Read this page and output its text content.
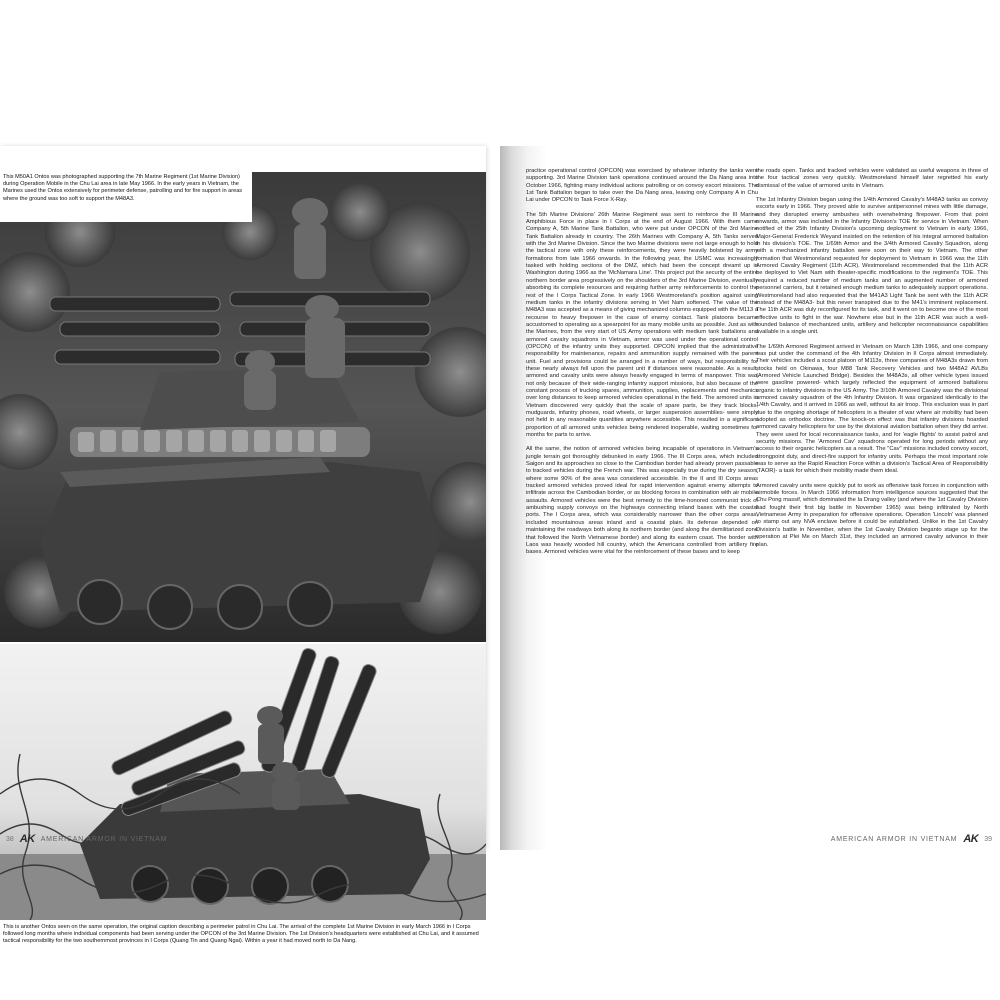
This M50A1 Ontos was photographed supporting the 7th Marine Regiment (1st Marine Division) during Operation Mobile in the Chu Lai area in late May 1966. In the early years in Vietnam, the Marines used the Ontos extensively for perimeter defense, patrolling and for fire support in areas where the ground was too soft to support the M48A3.
This is another Ontos seen on the same operation, the original caption describing a perimeter patrol in Chu Lai. The arrival of the complete 1st Marine Division in early March 1966 in I Corps followed long months where individual components had been serving under the OPCON of the 3rd Marine Division. The 1st Division's headquarters were established at Chu Lai, and it assumed tactical responsibility for the two southernmost provinces in I Corps (Quang Tin and Quang Ngai). Within a year it had moved north to Da Nang.

practice operational control (OPCON) was exercised by whatever infantry the tanks were supporting. 3rd Marine Division tank operations continued around the Da Nang area into October 1966, fighting many individual actions patrolling or on convoy escort missions. The 1st Tank Battalion began to take over the Da Nang area, leaving only Company A in Chu Lai under OPCON to Task Force X-Ray.

The 5th Marine Divisions' 26th Marine Regiment was sent to reinforce the III Marine Amphibious Force in place in I Corps at the end of August 1966. With them came Company A, 5th Marine Tank Battalion, who were put under OPCON of the 3rd Marine Tank Battalion already in country. The 26th Marines with Company A, 5th Tanks served with the 3rd Marine Division. Since the two Marine divisions were not large enough to hold the tactical zone with only these reinforcements, they were heavily bolstered by army formations from late 1966 onwards. In the following year, the USMC was increasingly tasked with holding sections of the DMZ, which had been the concept dreamt up in Washington during 1966 as the 'McNamara Line'. This project put the security of the entire northern border area progressively on the shoulders of the 3rd Marine Division, eventually absorbing its complete resources and requiring further army reinforcements to control the rest of the I Corps Tactical Zone. In early 1966 Westmoreland's position against using medium tanks in the infantry divisions serving in Viet Nam softened. The value of the M48A3 was accepted as a means of giving mechanized columns equipped with the M113 a recourse to heavy firepower in the case of enemy contact. Tank platoons became accustomed to operating as a spearpoint for as many mobile units as possible. Just as with the Marines, from the very start of US Army operations with medium tank battalions and armored cavalry squadrons in Vietnam, armor was used under the operational control (OPCON) of the infantry units they supported. OPCON implied that the administrative responsibility for maintenance, repairs and ammunition supply remained with the parent unit. Fuel and provisions could be arranged in a number of ways, but responsibility for these nearly always fell upon the parent unit if distances were reasonable. As a result, armored and cavalry units were always heavily engaged in terms of manpower. This was not only because of their wide-ranging infantry support missions, but also because of the constant process of trucking spares, ammunition, supplies, replacements and mechanics over long distances to keep armored vehicles operational in the field. The armored units in Vietnam discovered very quickly that the scale of spare parts, be they track blocks, mudguards, infantry phones, road wheels, or larger suspension assemblies- were simply not held in any reasonable quantities anywhere accessible. This resulted in a significant proportion of all armored units vehicles being rendered inoperable, waiting sometimes for months for parts to arrive.

All the same, the notion of armored vehicles being incapable of operations in Vietnam's jungle terrain got thoroughly debunked in early 1966. The III Corps area, which included Saigon and its approaches so close to the Cambodian border had already proven passable to tracked vehicles during the French war. This was especially true during the dry season, where some 90% of the area was considered accessible. In the II and III Corps areas tracked armored vehicles proved ideal for rapid intervention against enemy attempts to infiltrate across the Cambodian border, or as blocking forces in combination with air mobile assaults. Armored vehicles were the best remedy to the time-honored communist trick of ambushing supply convoys on the highways connecting inland bases with the coastal ports. The I Corps area, which was considerably narrower than the other corps areas, included mountainous areas inland and a coastal plain. Its defense depended on maintaining the roadways both along its northern border (and along the demilitarized zone that followed the North Vietnamese border) and along its eastern coast. The border with Laos was heavily wooded hill country, which the Americans controlled from artillery fire bases. Armored vehicles were vital for the reinforcement of these bases and to keep

the roads open. Tanks and tracked vehicles were validated as useful weapons in three of the four tactical zones very quickly. Westmoreland himself later regretted his early dismissal of the value of armored units in Vietnam.

The 1st Infantry Division began using the 1/4th Armored Cavalry's M48A3 tanks as convoy escorts early in 1966. They proved able to survive antipersonnel mines with little damage, and they disrupted enemy ambushes with overwhelming firepower. From that point onwards, armor was included in the Infantry Division's TOE for service in Vietnam. When notified of the 25th Infantry Division's upcoming deployment to Vietnam in early 1966, Major-General Frederick Weyand insisted on the retention of his integral armored battalion in his division's TOE. The 1/69th Armor and the 3/4th Armored Cavalry Squadron, along with a mechanized infantry battalion were soon on their way to Vietnam. The other formation that Westmoreland requested for deployment to Vietnam in 1966 was the 11th Armored Cavalry Regiment (11th ACR). Westmoreland recommended that the 11th ACR be deployed to Viet Nam with theater-specific modifications to the regiment's TOE. This required a reduced number of medium tanks and an augmented number of armored personnel carriers, but it retained enough medium tanks to adequately support operations. Westmoreland had also requested that the M41A3 Light Tank be sent with the 11th ACR instead of the M48A3- but this never transpired due to the M41's imminent replacement. The 11th ACR was duly reconfigured for its task, and it went on to become one of the most effective units to fight in the war. Nowhere else but in the 11th ACR was such a well-rounded balance of mechanized units, artillery and helicopter reconnaissance capabilities available in a single unit.

The 1/69th Armored Regiment arrived in Vietnam on March 13th 1966, and one company was put under the command of the 4th Infantry Division in II Corps almost immediately. Their vehicles included a scout platoon of M113s, three companies of M48A3s drawn from stocks held on Okinawa, four M88 Tank Recovery Vehicles and two M48A2 AVLBs (Armored Vehicle Launched Bridge). Besides the M48A3s, all other vehicle types issued were gasoline powered- which largely reflected the equipment of armored battalions organic to infantry divisions in the US Army. The 3/10th Armored Cavalry was the divisional armored cavalry squadron of the 4th Infantry Division. It was organized identically to the 1/4th Cavalry, and it arrived in 1966 as well, without its air troop. This exclusion was in part due to the ongoing shortage of helicopters in a theater of war where air mobility had been adopted as orthodox doctrine. The knock-on effect was that infantry divisions hoarded armored cavalry helicopters for use by the divisional aviation battalion when they did arrive. They were used for local reconnaissance tasks, and for 'eagle flights' to assist patrol and security missions. The 'Armored Cav' squadrons operated for long periods without any access to their organic helicopters as a result. The "Cav" missions included convoy escort, strongpoint duty, and direct-fire support for infantry units. Perhaps the most important role was to serve as the Rapid Reaction Force within a division's Tactical Area of Responsibility (TAOR)- a task for which their mobility made them ideal.

Armored cavalry units were quickly put to work as offensive task forces in conjunction with airmobile forces. In March 1966 information from intelligence sources suggested that the Chu Pong massif, which dominated the Ia Drang valley (and where the 1st Cavalry Division had fought their first big battle in November 1965) was being infiltrated by North Vietnamese Army in preparation for offensive operations. Operation 'Lincoln' was planned to stamp out any NVA enclave before it could be established. Unlike in the 1st Cavalry Division's battle in November, when the 1st Cavalry Division beganto stage up for the operation at Plei Me on March 31st, they included an armored cavalry advance in their plan.

38 AK AMERICAN ARMOR IN VIETNAM	AMERICAN ARMOR IN VIETNAM AK 39
